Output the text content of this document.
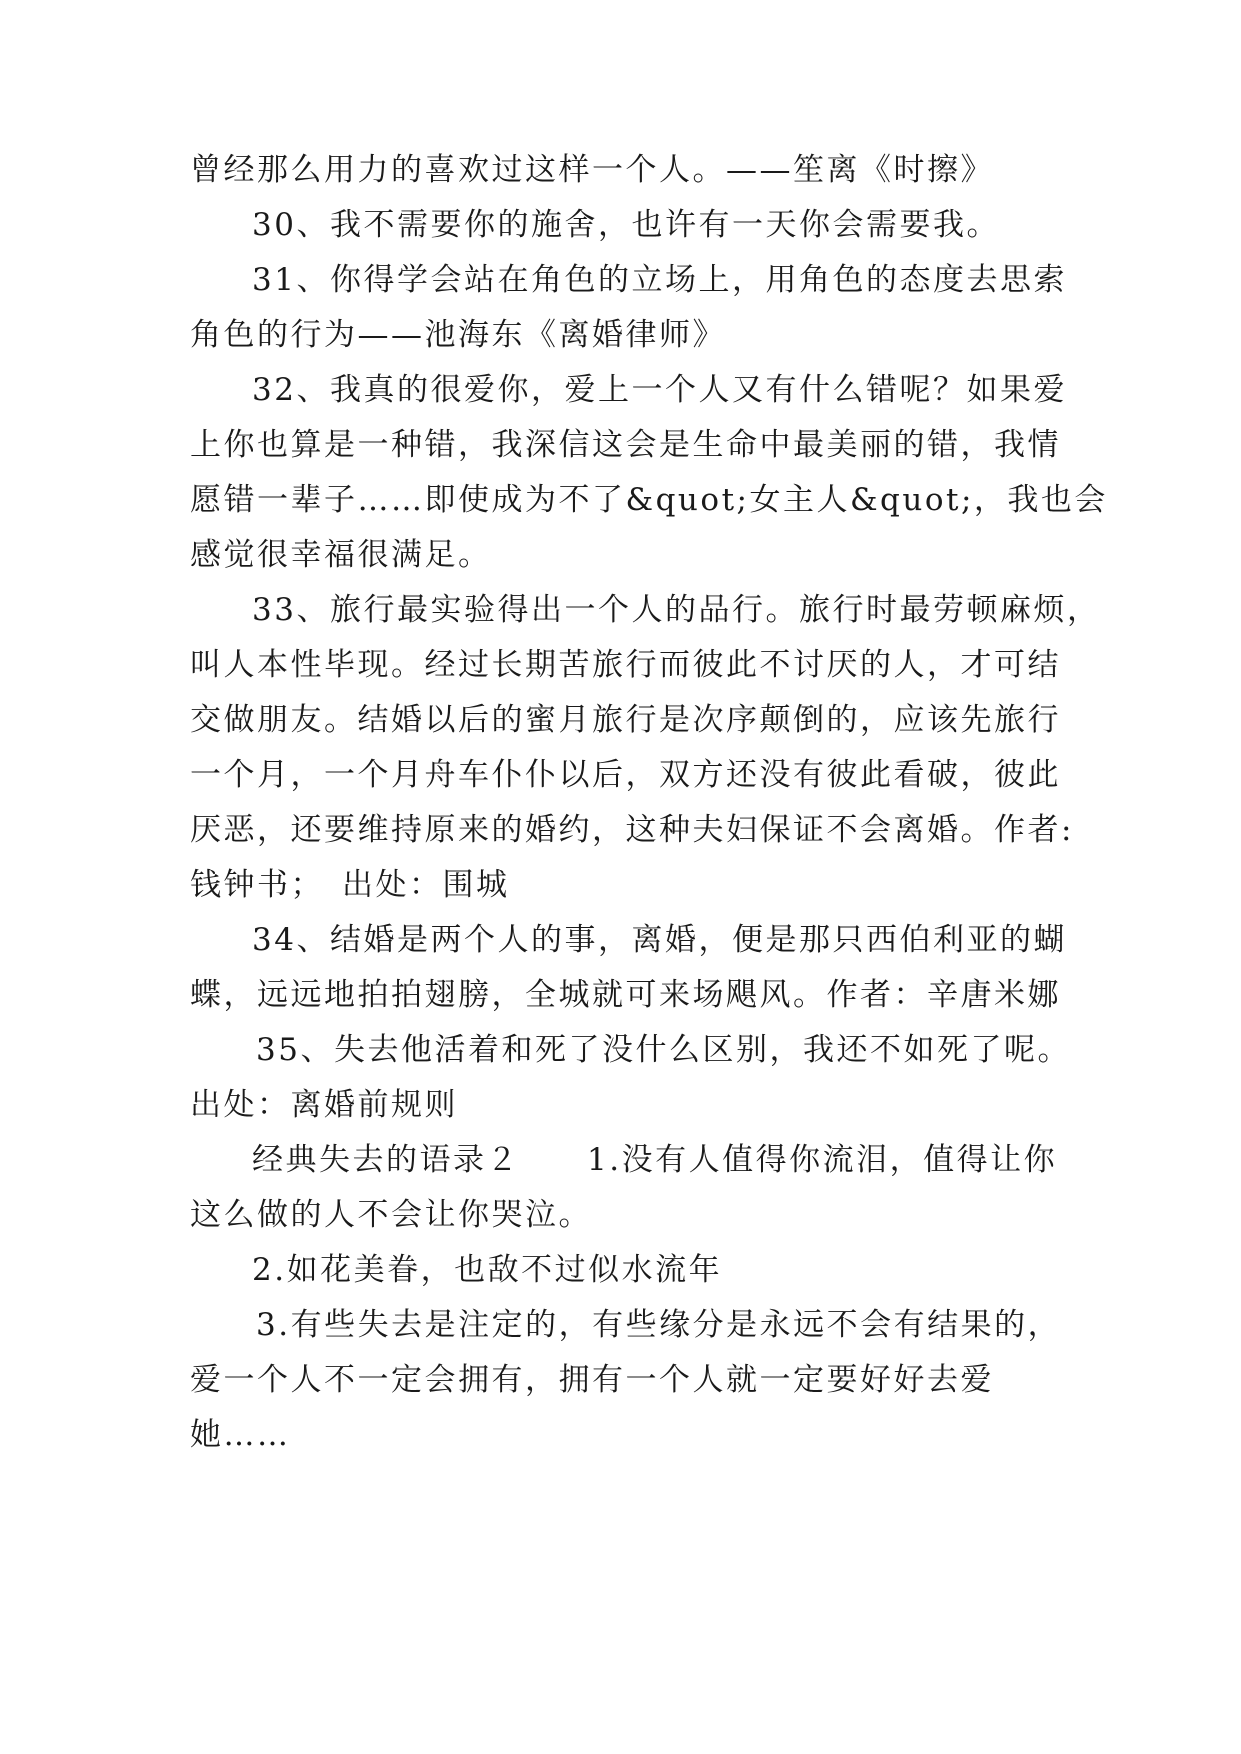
曾经那么用力的喜欢过这样一个人。——笙离《时擦》
30、我不需要你的施舍，也许有一天你会需要我。
31、你得学会站在角色的立场上，用角色的态度去思索
角色的行为——池海东《离婚律师》
32、我真的很爱你，爱上一个人又有什么错呢？如果爱
上你也算是一种错，我深信这会是生命中最美丽的错，我情
愿错一辈子……即使成为不了&quot;女主人&quot;，我也会
感觉很幸福很满足。
33、旅行最实验得出一个人的品行。旅行时最劳顿麻烦，
叫人本性毕现。经过长期苦旅行而彼此不讨厌的人，才可结
交做朋友。结婚以后的蜜月旅行是次序颠倒的，应该先旅行
一个月，一个月舟车仆仆以后，双方还没有彼此看破，彼此
厌恶，还要维持原来的婚约，这种夫妇保证不会离婚。作者:
钱钟书；　出处：围城
34、结婚是两个人的事，离婚，便是那只西伯利亚的蝴
蝶，远远地拍拍翅膀，全城就可来场飓风。作者：辛唐米娜
35、失去他活着和死了没什么区别，我还不如死了呢。
出处：离婚前规则
经典失去的语录２　　1.没有人值得你流泪，值得让你
这么做的人不会让你哭泣。
2.如花美眷，也敌不过似水流年
3.有些失去是注定的，有些缘分是永远不会有结果的，
爱一个人不一定会拥有，拥有一个人就一定要好好去爱
她……
